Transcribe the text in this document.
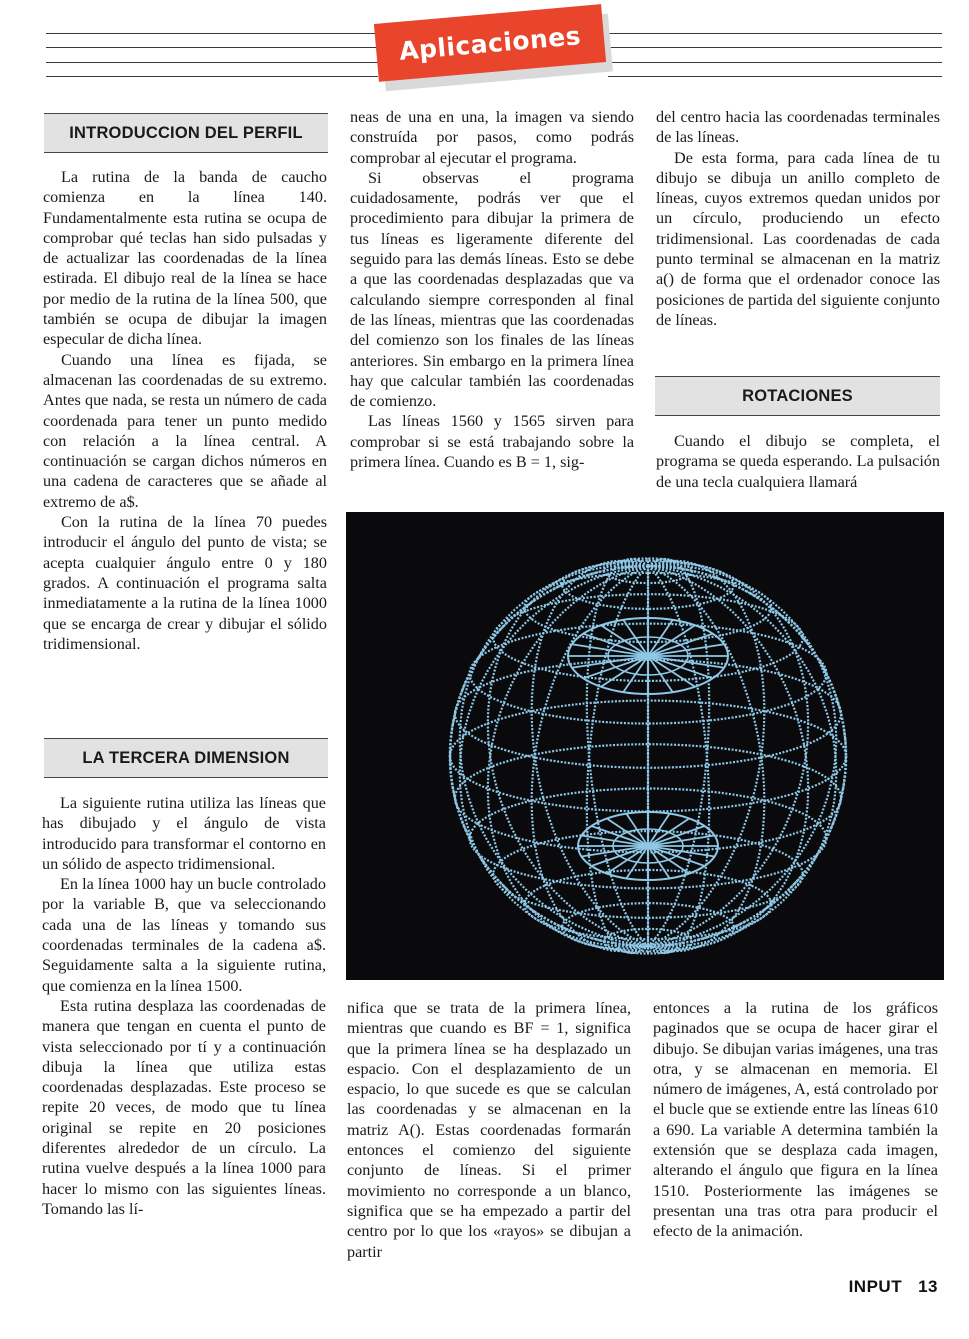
Aplicaciones
INTRODUCCION DEL PERFIL

La rutina de la banda de caucho comienza en la línea 140. Fundamentalmente esta rutina se ocupa de comprobar qué teclas han sido pulsadas y de actualizar las coordenadas de la línea estirada. El dibujo real de la línea se hace por medio de la rutina de la línea 500, que también se ocupa de dibujar la imagen especular de dicha línea.

Cuando una línea es fijada, se almacenan las coordenadas de su extremo. Antes que nada, se resta un número de cada coordenada para tener un punto medido con relación a la línea central. A continuación se cargan dichos números en una cadena de caracteres que se añade al extremo de a$.

Con la rutina de la línea 70 puedes introducir el ángulo del punto de vista; se acepta cualquier ángulo entre 0 y 180 grados. A continuación el programa salta inmediatamente a la rutina de la línea 1000 que se encarga de crear y dibujar el sólido tridimensional.

LA TERCERA DIMENSION

La siguiente rutina utiliza las líneas que has dibujado y el ángulo de vista introducido para transformar el contorno en un sólido de aspecto tridimensional.

En la línea 1000 hay un bucle controlado por la variable B, que va seleccionando cada una de las líneas y tomando sus coordenadas terminales de la cadena a$. Seguidamente salta a la siguiente rutina, que comienza en la línea 1500.

Esta rutina desplaza las coordenadas de manera que tengan en cuenta el punto de vista seleccionado por tí y a continuación dibuja la línea que utiliza estas coordenadas desplazadas. Este proceso se repite 20 veces, de modo que tu línea original se repite en 20 posiciones diferentes alrededor de un círculo. La rutina vuelve después a la línea 1000 para hacer lo mismo con las siguientes líneas. Tomando las lí-

neas de una en una, la imagen va siendo construída por pasos, como podrás comprobar al ejecutar el programa.

Si observas el programa cuidadosamente, podrás ver que el procedimiento para dibujar la primera de tus líneas es ligeramente diferente del seguido para las demás líneas. Esto se debe a que las coordenadas desplazadas que va calculando siempre corresponden al final de las líneas, mientras que las coordenadas del comienzo son los finales de las líneas anteriores. Sin embargo en la primera línea hay que calcular también las coordenadas de comienzo.

Las líneas 1560 y 1565 sirven para comprobar si se está trabajando sobre la primera línea. Cuando es B = 1, sig-

del centro hacia las coordenadas terminales de las líneas.

De esta forma, para cada línea de tu dibujo se dibuja un anillo completo de líneas, cuyos extremos quedan unidos por un círculo, produciendo un efecto tridimensional. Las coordenadas de cada punto terminal se almacenan en la matriz a() de forma que el ordenador conoce las posiciones de partida del siguiente conjunto de líneas.

ROTACIONES

Cuando el dibujo se completa, el programa se queda esperando. La pulsación de una tecla cualquiera llamará

nifica que se trata de la primera línea, mientras que cuando es BF = 1, significa que la primera línea se ha desplazado un espacio. Con el desplazamiento de un espacio, lo que sucede es que se calculan las coordenadas y se almacenan en la matriz A(). Estas coordenadas formarán entonces el comienzo del siguiente conjunto de líneas. Si el primer movimiento no corresponde a un blanco, significa que se ha empezado a partir del centro por lo que los «rayos» se dibujan a partir

entonces a la rutina de los gráficos paginados que se ocupa de hacer girar el dibujo. Se dibujan varias imágenes, una tras otra, y se almacenan en memoria. El número de imágenes, A, está controlado por el bucle que se extiende entre las líneas 610 a 690. La variable A determina también la extensión que se desplaza cada imagen, alterando el ángulo que figura en la línea 1510. Posteriormente las imágenes se presentan una tras otra para producir el efecto de la animación.

INPUT 13
